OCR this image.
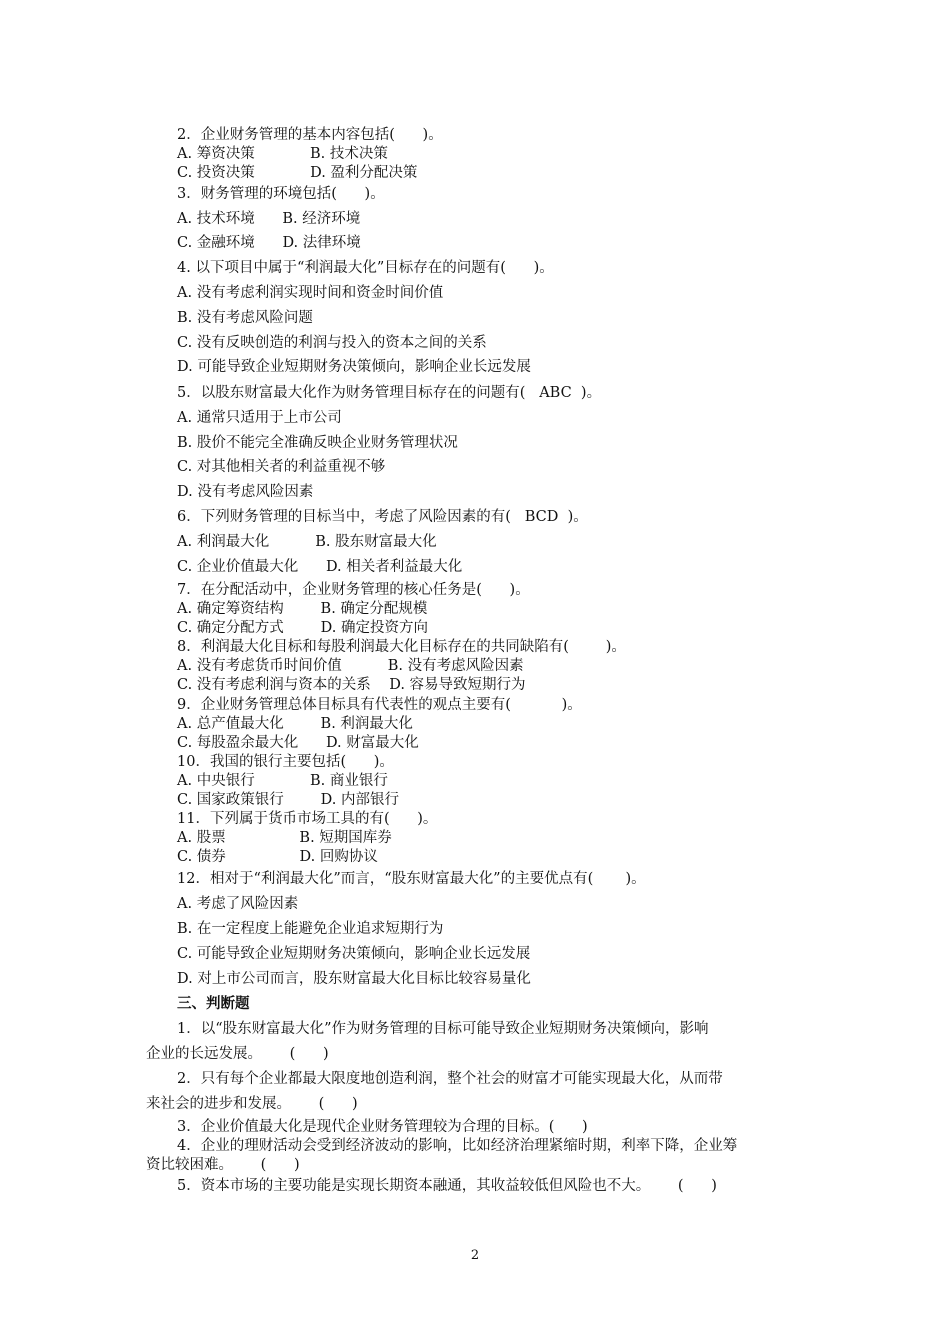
2．企业财务管理的基本内容包括(      )。
A. 筹资决策            B. 技术决策
C. 投资决策            D. 盈利分配决策
3．财务管理的环境包括(      )。
A. 技术环境      B. 经济环境
C. 金融环境      D. 法律环境
4. 以下项目中属于“利润最大化”目标存在的问题有(      )。
A. 没有考虑利润实现时间和资金时间价值
B. 没有考虑风险问题
C. 没有反映创造的利润与投入的资本之间的关系
D. 可能导致企业短期财务决策倾向，影响企业长远发展
5．以股东财富最大化作为财务管理目标存在的问题有(   ABC  )。
A. 通常只适用于上市公司
B. 股价不能完全准确反映企业财务管理状况
C. 对其他相关者的利益重视不够
D. 没有考虑风险因素
6．下列财务管理的目标当中，考虑了风险因素的有(   BCD  )。
A. 利润最大化          B. 股东财富最大化
C. 企业价值最大化      D. 相关者利益最大化
7．在分配活动中，企业财务管理的核心任务是(      )。
A. 确定筹资结构        B. 确定分配规模
C. 确定分配方式        D. 确定投资方向
8．利润最大化目标和每股利润最大化目标存在的共同缺陷有(        )。
A. 没有考虑货币时间价值          B. 没有考虑风险因素
C. 没有考虑利润与资本的关系    D. 容易导致短期行为
9．企业财务管理总体目标具有代表性的观点主要有(           )。
A. 总产值最大化        B. 利润最大化
C. 每股盈余最大化      D. 财富最大化
10．我国的银行主要包括(      )。
A. 中央银行            B. 商业银行
C. 国家政策银行        D. 内部银行
11．下列属于货币市场工具的有(      )。
A. 股票                B. 短期国库券
C. 债券                D. 回购协议
12．相对于“利润最大化”而言，“股东财富最大化”的主要优点有(       )。
A. 考虑了风险因素
B. 在一定程度上能避免企业追求短期行为
C. 可能导致企业短期财务决策倾向，影响企业长远发展
D. 对上市公司而言，股东财富最大化目标比较容易量化
三、判断题
1．以“股东财富最大化”作为财务管理的目标可能导致企业短期财务决策倾向，影响
企业的长远发展。      (      )
2．只有每个企业都最大限度地创造利润，整个社会的财富才可能实现最大化，从而带
来社会的进步和发展。      (      )
3．企业价值最大化是现代企业财务管理较为合理的目标。(      )
4．企业的理财活动会受到经济波动的影响，比如经济治理紧缩时期，利率下降，企业筹
资比较困难。      (      )
5．资本市场的主要功能是实现长期资本融通，其收益较低但风险也不大。      (      )
2
